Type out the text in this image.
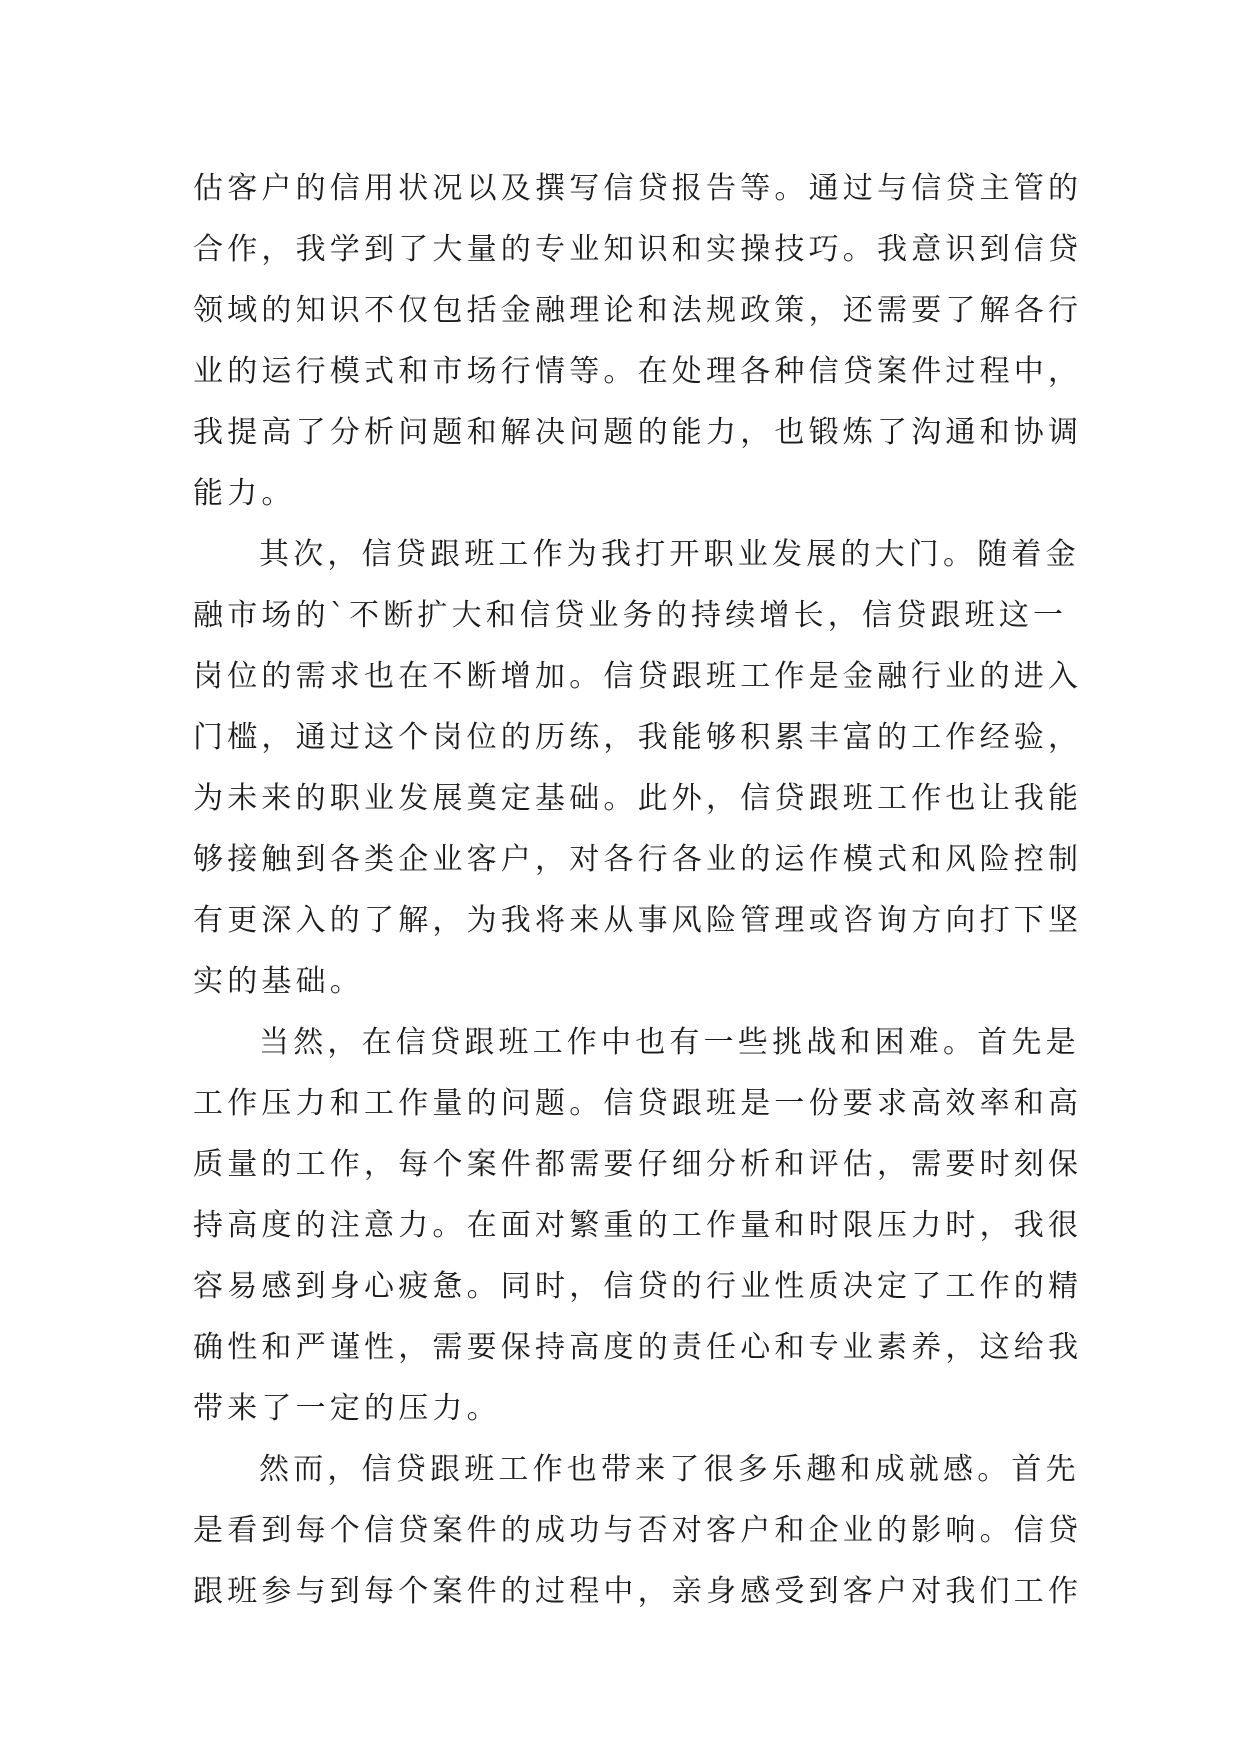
估客户的信用状况以及撰写信贷报告等。通过与信贷主管的
合作，我学到了大量的专业知识和实操技巧。我意识到信贷
领域的知识不仅包括金融理论和法规政策，还需要了解各行
业的运行模式和市场行情等。在处理各种信贷案件过程中，
我提高了分析问题和解决问题的能力，也锻炼了沟通和协调
能力。
其次，信贷跟班工作为我打开职业发展的大门。随着金
融市场的`不断扩大和信贷业务的持续增长，信贷跟班这一
岗位的需求也在不断增加。信贷跟班工作是金融行业的进入
门槛，通过这个岗位的历练，我能够积累丰富的工作经验，
为未来的职业发展奠定基础。此外，信贷跟班工作也让我能
够接触到各类企业客户，对各行各业的运作模式和风险控制
有更深入的了解，为我将来从事风险管理或咨询方向打下坚
实的基础。
当然，在信贷跟班工作中也有一些挑战和困难。首先是
工作压力和工作量的问题。信贷跟班是一份要求高效率和高
质量的工作，每个案件都需要仔细分析和评估，需要时刻保
持高度的注意力。在面对繁重的工作量和时限压力时，我很
容易感到身心疲惫。同时，信贷的行业性质决定了工作的精
确性和严谨性，需要保持高度的责任心和专业素养，这给我
带来了一定的压力。
然而，信贷跟班工作也带来了很多乐趣和成就感。首先
是看到每个信贷案件的成功与否对客户和企业的影响。信贷
跟班参与到每个案件的过程中，亲身感受到客户对我们工作
